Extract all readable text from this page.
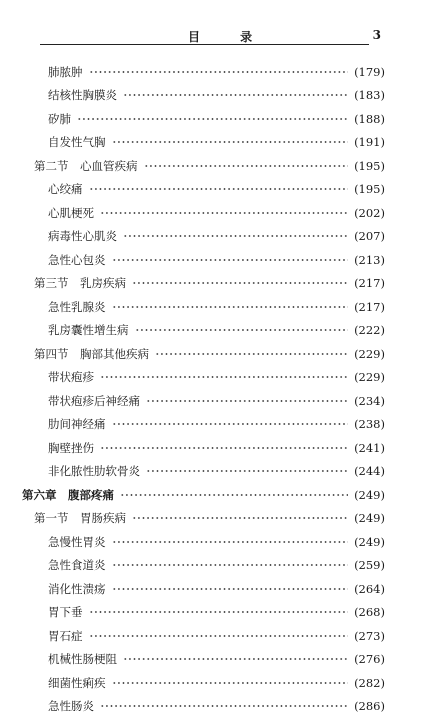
目 录	3
肺脓肿	(179)
结核性胸膜炎	(183)
矽肺	(188)
自发性气胸	(191)
第二节　心血管疾病	(195)
心绞痛	(195)
心肌梗死	(202)
病毒性心肌炎	(207)
急性心包炎	(213)
第三节　乳房疾病	(217)
急性乳腺炎	(217)
乳房囊性增生病	(222)
第四节　胸部其他疾病	(229)
带状疱疹	(229)
带状疱疹后神经痛	(234)
肋间神经痛	(238)
胸壁挫伤	(241)
非化脓性肋软骨炎	(244)
第六章　腹部疼痛	(249)
第一节　胃肠疾病	(249)
急慢性胃炎	(249)
急性食道炎	(259)
消化性溃疡	(264)
胃下垂	(268)
胃石症	(273)
机械性肠梗阻	(276)
细菌性痢疾	(282)
急性肠炎	(286)
